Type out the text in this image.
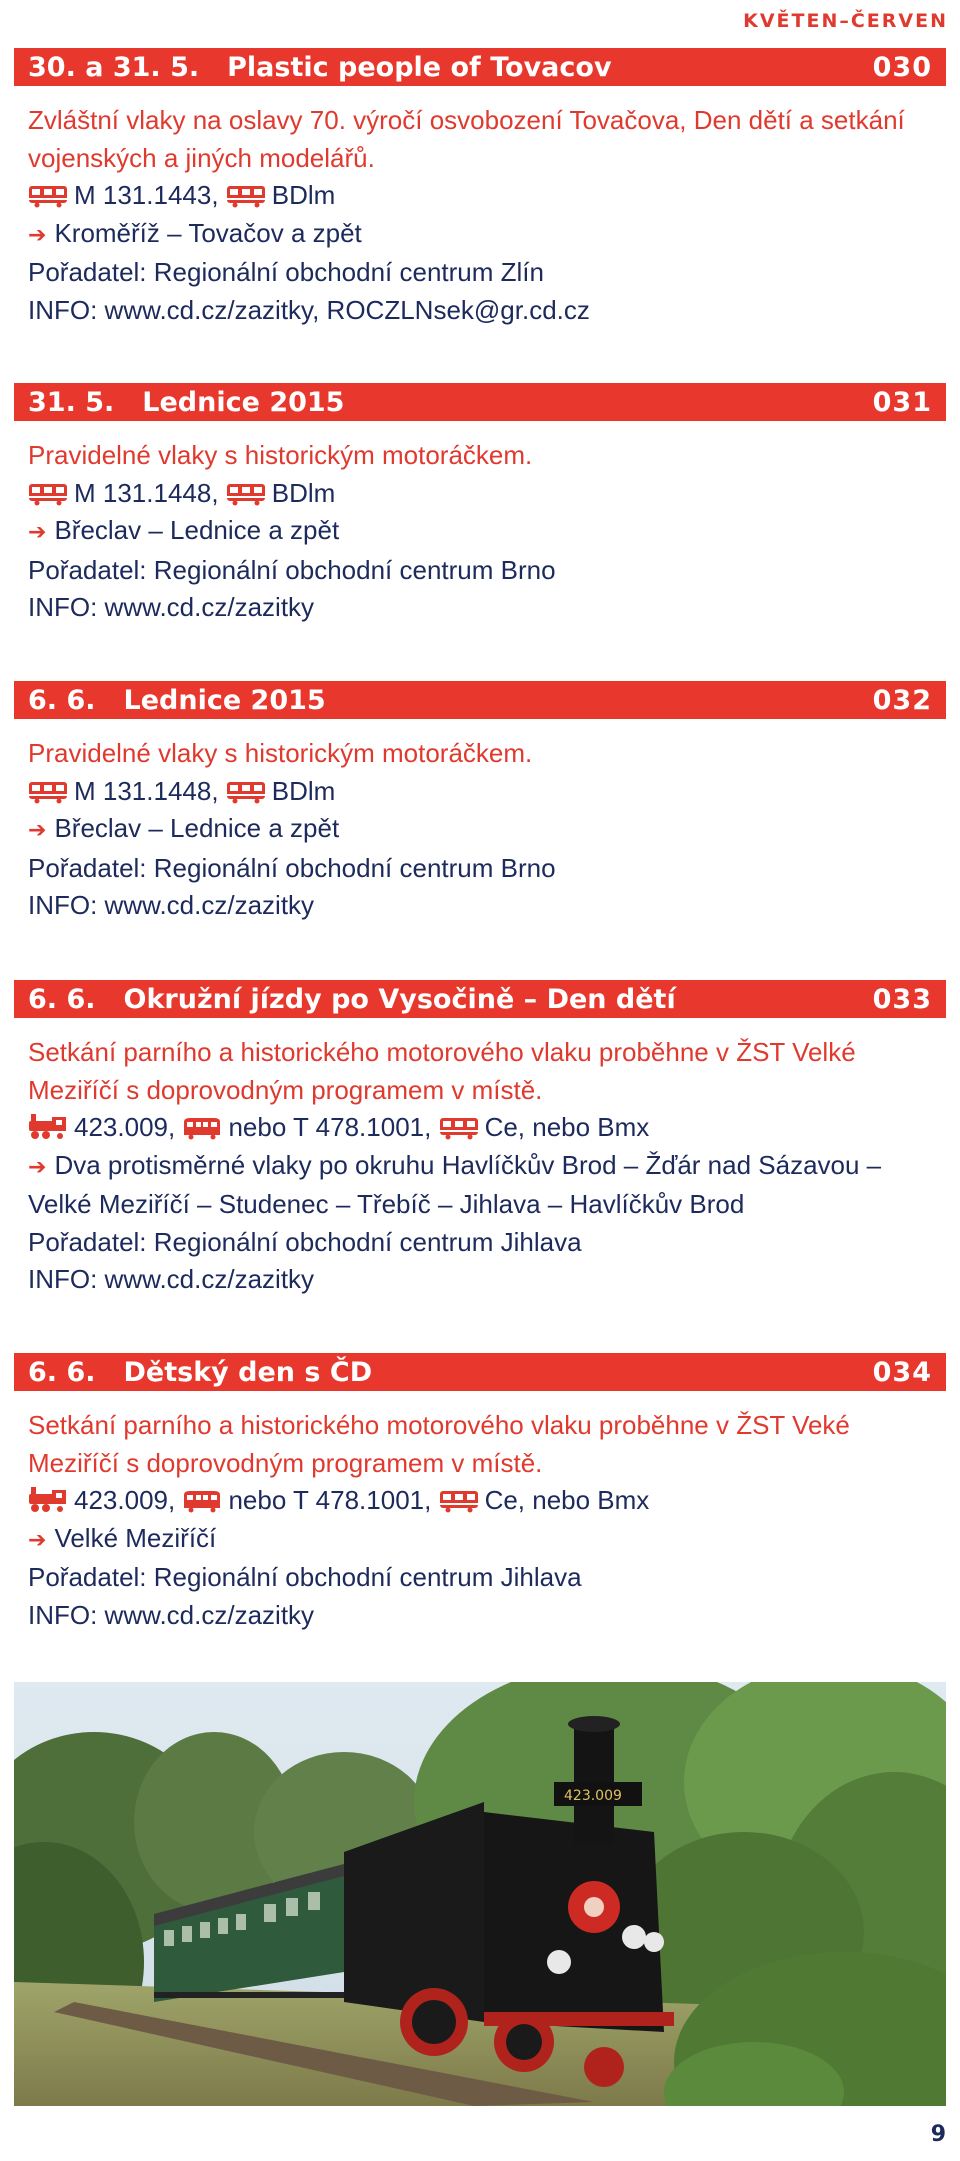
KVĚTEN–ČERVEN
30. a 31. 5. Plastic people of Tovacov	030
Zvláštní vlaky na oslavy 70. výročí osvobození Tovačova, Den dětí a setkání vojenských a jiných modelářů.
M 131.1443, BDlm
➔ Kroměříž – Tovačov a zpět
Pořadatel: Regionální obchodní centrum Zlín
INFO: www.cd.cz/zazitky, ROCZLNsek@gr.cd.cz
31. 5. Lednice 2015	031
Pravidelné vlaky s historickým motoráčkem.
M 131.1448, BDlm
➔ Břeclav – Lednice a zpět
Pořadatel: Regionální obchodní centrum Brno
INFO: www.cd.cz/zazitky
6. 6. Lednice 2015	032
Pravidelné vlaky s historickým motoráčkem.
M 131.1448, BDlm
➔ Břeclav – Lednice a zpět
Pořadatel: Regionální obchodní centrum Brno
INFO: www.cd.cz/zazitky
6. 6. Okružní jízdy po Vysočině – Den dětí	033
Setkání parního a historického motorového vlaku proběhne v ŽST Velké Meziříčí s doprovodným programem v místě.
423.009, nebo T 478.1001, Ce, nebo Bmx
➔ Dva protisměrné vlaky po okruhu Havlíčkův Brod – Žďár nad Sázavou – Velké Meziříčí – Studenec – Třebíč – Jihlava – Havlíčkův Brod
Pořadatel: Regionální obchodní centrum Jihlava
INFO: www.cd.cz/zazitky
6. 6. Dětský den s ČD	034
Setkání parního a historického motorového vlaku proběhne v ŽST Veké Meziříčí s doprovodným programem v místě.
423.009, nebo T 478.1001, Ce, nebo Bmx
➔ Velké Meziříčí
Pořadatel: Regionální obchodní centrum Jihlava
INFO: www.cd.cz/zazitky
423.009
9
